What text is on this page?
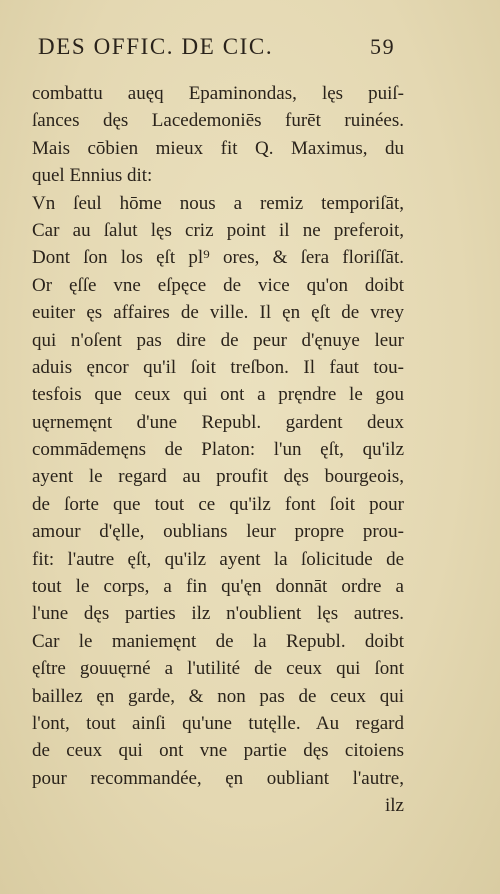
DES OFFIC. DE CIC.	59
combattu auęq Epaminondas, lęs puiſ-
ſances dęs Lacedemoniēs furēt ruinées.
Mais cōbien mieux fit Q. Maximus, du
quel Ennius dit:
Vn ſeul hōme nous a remiz temporiſāt,
Car au ſalut lęs criz point il ne preferoit,
Dont ſon los ęſt pl⁹ ores, & ſera floriſſāt.
Or ęſſe vne eſpęce de vice qu'on doibt
euiter ęs affaires de ville. Il ęn ęſt de vrey
qui n'oſent pas dire de peur d'ęnuye leur
aduis ęncor qu'il ſoit treſbon. Il faut tou-
tesfois que ceux qui ont a pręndre le gou
uęrnemęnt d'une Republ. gardent deux
commādemęns de Platon: l'un ęſt, qu'ilz
ayent le regard au proufit dęs bourgeois,
de ſorte que tout ce qu'ilz font ſoit pour
amour d'ęlle, oublians leur propre prou-
fit: l'autre ęſt, qu'ilz ayent la ſolicitude de
tout le corps, a fin qu'ęn donnāt ordre a
l'une dęs parties ilz n'oublient lęs autres.
Car le maniemęnt de la Republ. doibt
ęſtre gouuęrné a l'utilité de ceux qui ſont
baillez ęn garde, & non pas de ceux qui
l'ont, tout ainſi qu'une tutęlle. Au regard
de ceux qui ont vne partie dęs citoiens
pour recommandée, ęn oubliant l'autre,
ilz
